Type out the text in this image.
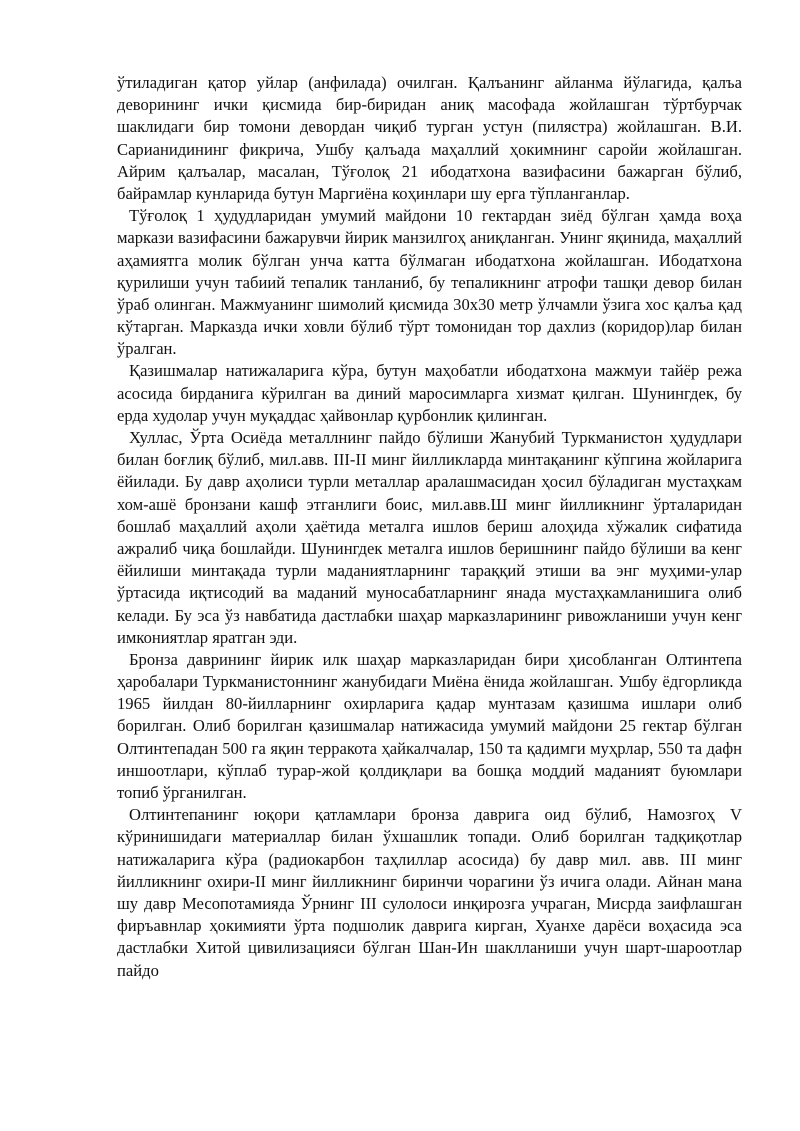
ўтиладиган қатор уйлар (анфилада) очилган. Қалъанинг айланма йўлагида, қалъа деворининг ички қисмида бир-биридан аниқ масофада жойлашган тўртбурчак шаклидаги бир томони девордан чиқиб турган устун (пилястра) жойлашган. В.И. Сарианидининг фикрича, Ушбу қалъада маҳаллий ҳокимнинг саройи жойлашган. Айрим қалъалар, масалан, Тўғолоқ 21 ибодатхона вазифасини бажарган бўлиб, байрамлар кунларида бутун Маргиёна коҳинлари шу ерга тўпланганлар.

Тўғолоқ 1 ҳудудларидан умумий майдони 10 гектардан зиёд бўлган ҳамда воҳа маркази вазифасини бажарувчи йирик манзилгоҳ аниқланган. Унинг яқинида, маҳаллий аҳамиятга молик бўлган унча катта бўлмаган ибодатхона жойлашган. Ибодатхона қурилиши учун табиий тепалик танланиб, бу тепаликнинг атрофи ташқи девор билан ўраб олинган. Мажмуанинг шимолий қисмида 30х30 метр ўлчамли ўзига хос қалъа қад кўтарган. Марказда ички ховли бўлиб тўрт томонидан тор дахлиз (коридор)лар билан ўралган.

Қазишмалар натижаларига кўра, бутун маҳобатли ибодатхона мажмуи тайёр режа асосида бирданига кўрилган ва диний маросимларга хизмат қилган. Шунингдек, бу ерда худолар учун муқаддас ҳайвонлар қурбонлик қилинган.

Хуллас, Ўрта Осиёда металлнинг пайдо бўлиши Жанубий Туркманистон ҳудудлари билан боғлиқ бўлиб, мил.авв. III-II минг йилликларда минтақанинг кўпгина жойларига ёйилади. Бу давр аҳолиси турли металлар аралашмасидан ҳосил бўладиган мустаҳкам хом-ашё бронзани кашф этганлиги боис, мил.авв.Ш минг йилликнинг ўрталаридан бошлаб маҳаллий аҳоли ҳаётида металга ишлов бериш алоҳида хўжалик сифатида ажралиб чиқа бошлайди. Шунингдек металга ишлов беришнинг пайдо бўлиши ва кенг ёйилиши минтақада турли маданиятларнинг тараққий этиши ва энг муҳими-улар ўртасида иқтисодий ва маданий муносабатларнинг янада мустаҳкамланишига олиб келади. Бу эса ўз навбатида дастлабки шаҳар марказларининг ривожланиши учун кенг имкониятлар яратган эди.

Бронза даврининг йирик илк шаҳар марказларидан бири ҳисобланган Олтинтепа ҳаробалари Туркманистоннинг жанубидаги Миёна ёнида жойлашган. Ушбу ёдгорликда 1965 йилдан 80-йилларнинг охирларига қадар мунтазам қазишма ишлари олиб борилган. Олиб борилган қазишмалар натижасида умумий майдони 25 гектар бўлган Олтинтепадан 500 га яқин терракота ҳайкалчалар, 150 та қадимги муҳрлар, 550 та дафн иншоотлари, кўплаб турар-жой қолдиқлари ва бошқа моддий маданият буюмлари топиб ўрганилган.

Олтинтепанинг юқори қатламлари бронза даврига оид бўлиб, Намозгоҳ V кўринишидаги материаллар билан ўхшашлик топади. Олиб борилган тадқиқотлар натижаларига кўра (радиокарбон таҳлиллар асосида) бу давр мил. авв. III минг йилликнинг охири-II минг йилликнинг биринчи чорагини ўз ичига олади. Айнан мана шу давр Месопотамияда Ўрнинг III сулолоси инқирозга учраган, Мисрда заифлашган фиръавнлар ҳокимияти ўрта подшолик даврига кирган, Хуанхе дарёси воҳасида эса дастлабки Хитой цивилизацияси бўлган Шан-Ин шаклланиши учун шарт-шароотлар пайдо
